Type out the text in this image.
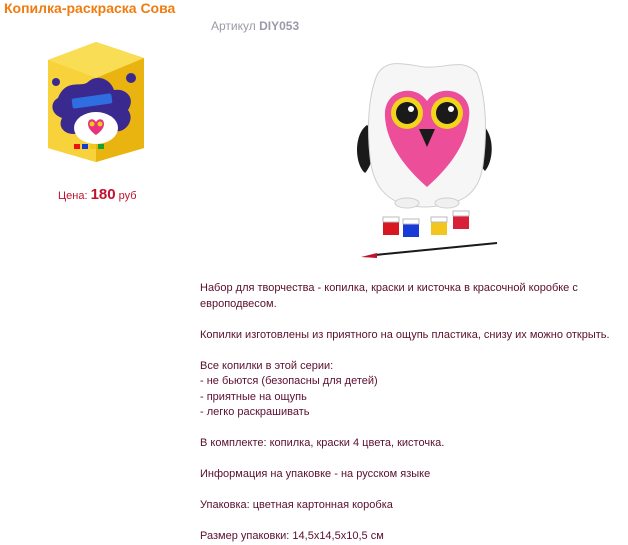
Копилка-раскраска Сова
Артикул DIY053
Цена: 180 руб

Набор для творчества - копилка, краски и кисточка в красочной коробке с

европодвесом.

Копилки изготовлены из приятного на ощупь пластика, снизу их можно открыть.

Все копилки в этой серии:

- не бьются (безопасны для детей)

- приятные на ощупь

- легко раскрашивать

В комплекте: копилка, краски 4 цвета, кисточка.

Информация на упаковке - на русском языке

Упаковка: цветная картонная коробка

Размер упаковки: 14,5х14,5х10,5 см
